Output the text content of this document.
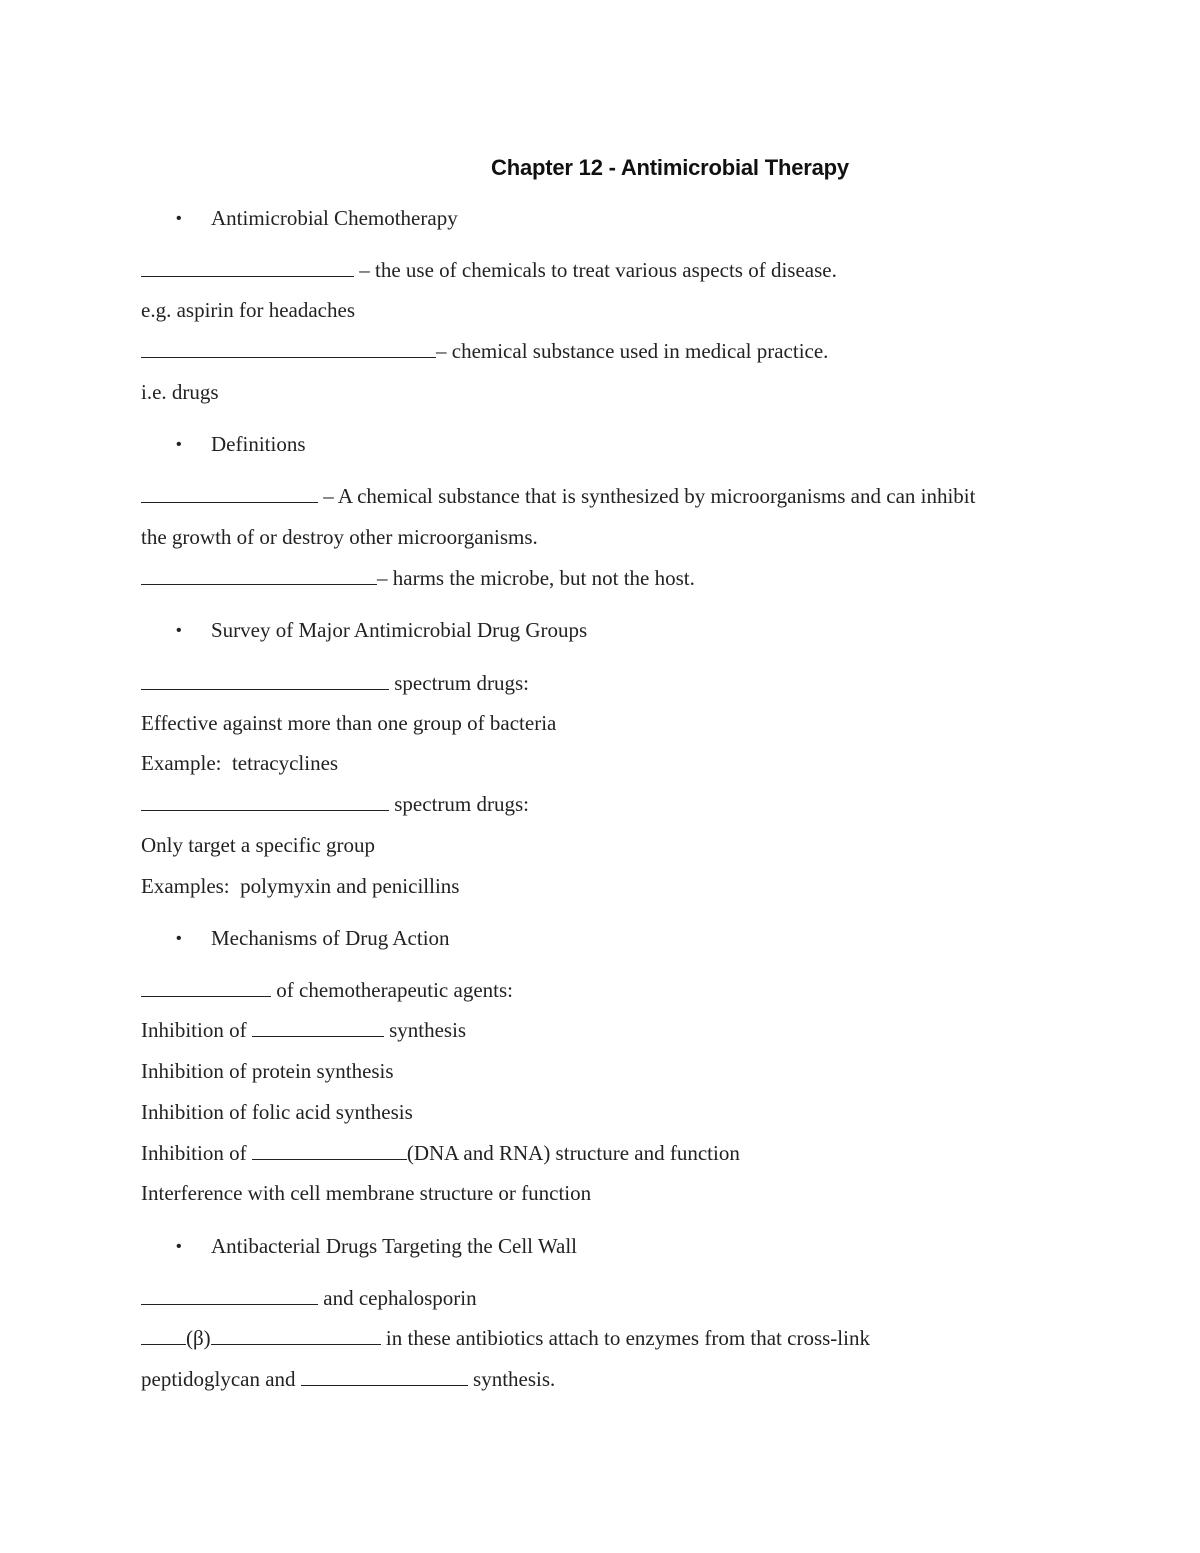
Chapter 12 - Antimicrobial Therapy
• Antimicrobial Chemotherapy
– the use of chemicals to treat various aspects of disease.
e.g. aspirin for headaches
– chemical substance used in medical practice.
i.e. drugs
• Definitions
– A chemical substance that is synthesized by microorganisms and can inhibit
the growth of or destroy other microorganisms.
– harms the microbe, but not the host.
• Survey of Major Antimicrobial Drug Groups
spectrum drugs:
Effective against more than one group of bacteria
Example:  tetracyclines
spectrum drugs:
Only target a specific group
Examples:  polymyxin and penicillins
• Mechanisms of Drug Action
of chemotherapeutic agents:
Inhibition of	synthesis
Inhibition of protein synthesis
Inhibition of folic acid synthesis
Inhibition of	(DNA and RNA) structure and function
Interference with cell membrane structure or function
• Antibacterial Drugs Targeting the Cell Wall
and cephalosporin
(β)	in these antibiotics attach to enzymes from that cross-link
peptidoglycan and	synthesis.
